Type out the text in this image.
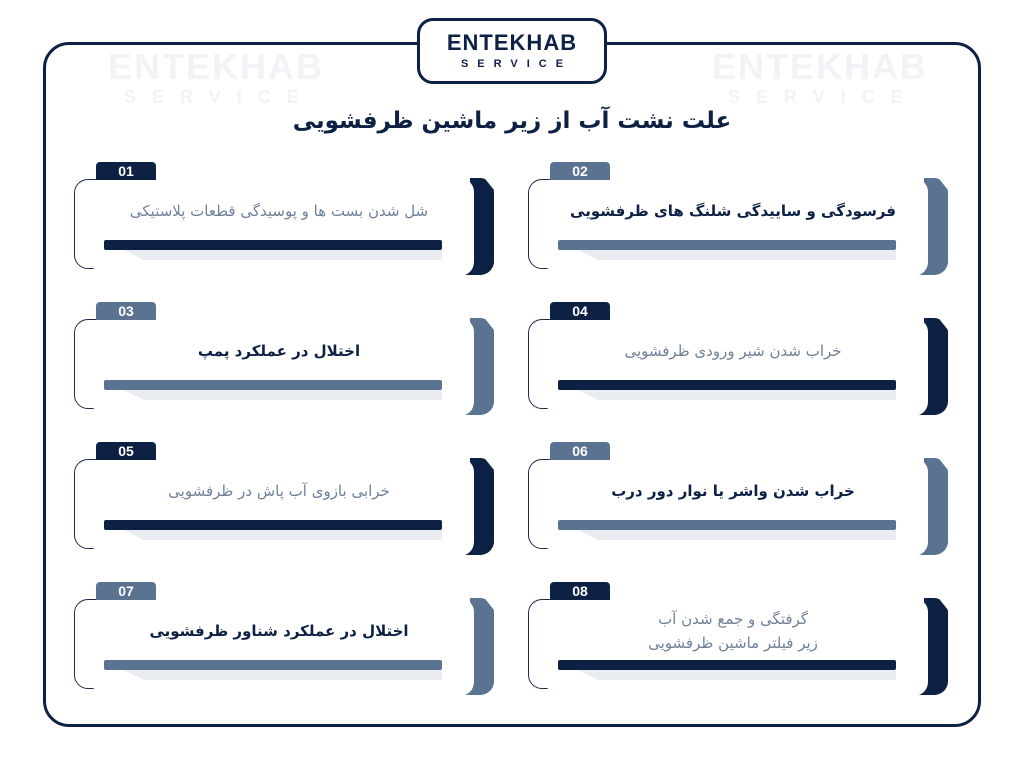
ENTEKHAB
SERVICE
ENTEKHAB
SERVICE
ENTEKHAB
SERVICE
علت نشت آب از زیر ماشین ظرفشویی
01
شل شدن بست ها و پوسیدگی قطعات پلاستیکی
02
فرسودگی و ساییدگی شلنگ های ظرفشویی
03
اختلال در عملکرد پمپ
04
خراب شدن شیر ورودی ظرفشویی
05
خرابی بازوی آب پاش در ظرفشویی
06
خراب شدن واشر یا نوار دور درب
07
اختلال در عملکرد شناور ظرفشویی
08
گرفتگی و جمع شدن آب
زیر فیلتر ماشین ظرفشویی
